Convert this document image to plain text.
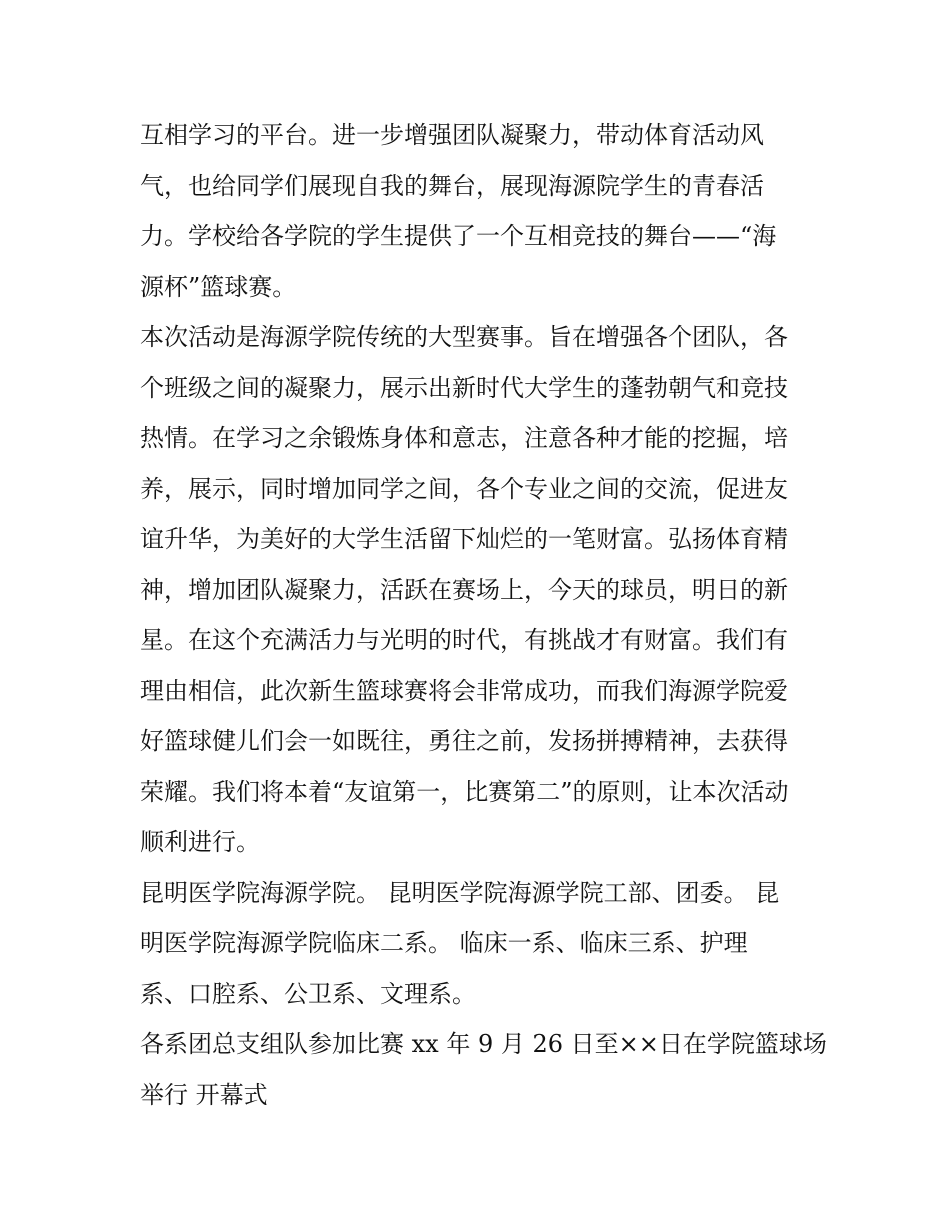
互相学习的平台。进一步增强团队凝聚力，带动体育活动风
气，也给同学们展现自我的舞台，展现海源院学生的青春活
力。学校给各学院的学生提供了一个互相竞技的舞台——“海
源杯”篮球赛。
本次活动是海源学院传统的大型赛事。旨在增强各个团队，各
个班级之间的凝聚力，展示出新时代大学生的蓬勃朝气和竞技
热情。在学习之余锻炼身体和意志，注意各种才能的挖掘，培
养，展示，同时增加同学之间，各个专业之间的交流，促进友
谊升华，为美好的大学生活留下灿烂的一笔财富。弘扬体育精
神，增加团队凝聚力，活跃在赛场上，今天的球员，明日的新
星。在这个充满活力与光明的时代，有挑战才有财富。我们有
理由相信，此次新生篮球赛将会非常成功，而我们海源学院爱
好篮球健儿们会一如既往，勇往之前，发扬拼搏精神，去获得
荣耀。我们将本着“友谊第一，比赛第二”的原则，让本次活动
顺利进行。
昆明医学院海源学院。 昆明医学院海源学院工部、团委。 昆
明医学院海源学院临床二系。 临床一系、临床三系、护理
系、口腔系、公卫系、文理系。
各系团总支组队参加比赛 xx 年 9 月 26 日至××日在学院篮球场
举行 开幕式
